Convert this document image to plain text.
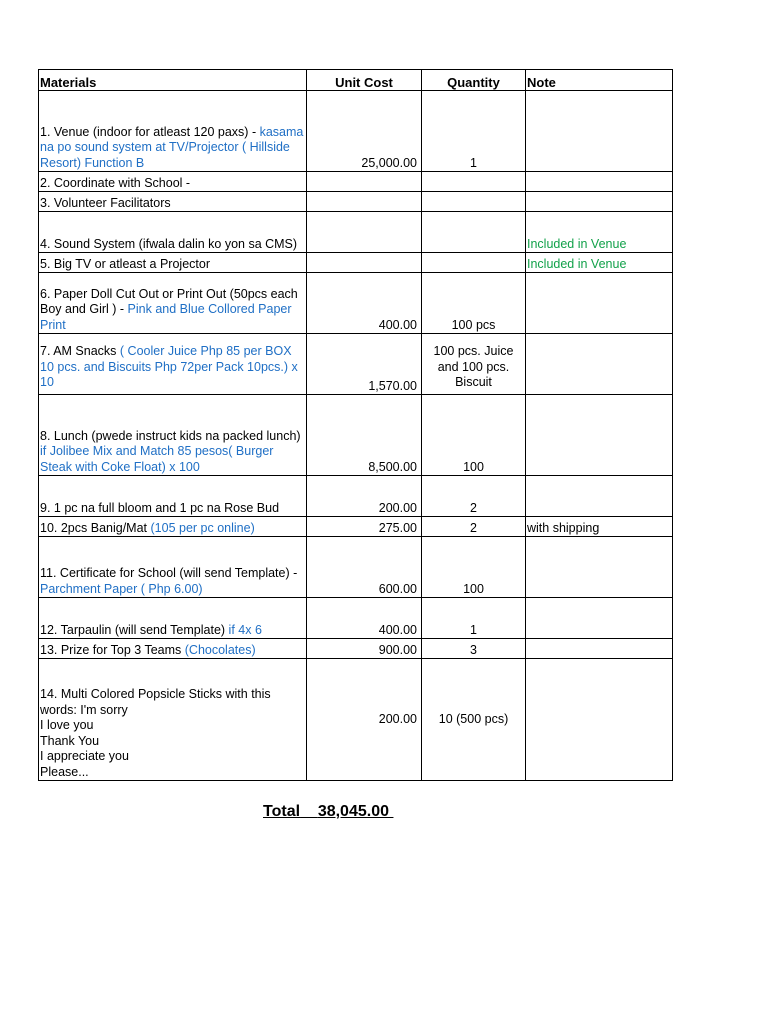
Materials	Unit Cost	Quantity	Note
1. Venue (indoor for atleast 120 paxs) - kasama na po sound system at TV/Projector ( Hillside Resort) Function B	25,000.00	1	
2. Coordinate with School -			
3. Volunteer Facilitators			
4. Sound System (ifwala dalin ko yon sa CMS)			Included in Venue
5. Big TV or atleast a Projector			Included in Venue
6. Paper Doll Cut Out or Print Out (50pcs each Boy and Girl ) - Pink and Blue Collored Paper Print	400.00	100 pcs	
7. AM Snacks ( Cooler Juice Php 85 per BOX 10 pcs. and Biscuits Php 72per Pack 10pcs.) x 10	1,570.00	100 pcs. Juice and 100 pcs. Biscuit	
8. Lunch (pwede instruct kids na packed lunch) if Jolibee Mix and Match 85 pesos( Burger Steak with Coke Float) x 100	8,500.00	100	
9. 1 pc na full bloom and 1 pc na Rose Bud	200.00	2	
10. 2pcs Banig/Mat (105 per pc online)	275.00	2	with shipping
11. Certificate for School (will send Template) - Parchment Paper ( Php 6.00)	600.00	100	
12. Tarpaulin (will send Template) if 4x 6	400.00	1	
13. Prize for Top 3 Teams (Chocolates)	900.00	3	
14. Multi Colored Popsicle Sticks with this words: I'm sorry
I love you
Thank You
I appreciate you
Please...	200.00	10 (500 pcs)	
Total 38,045.00
